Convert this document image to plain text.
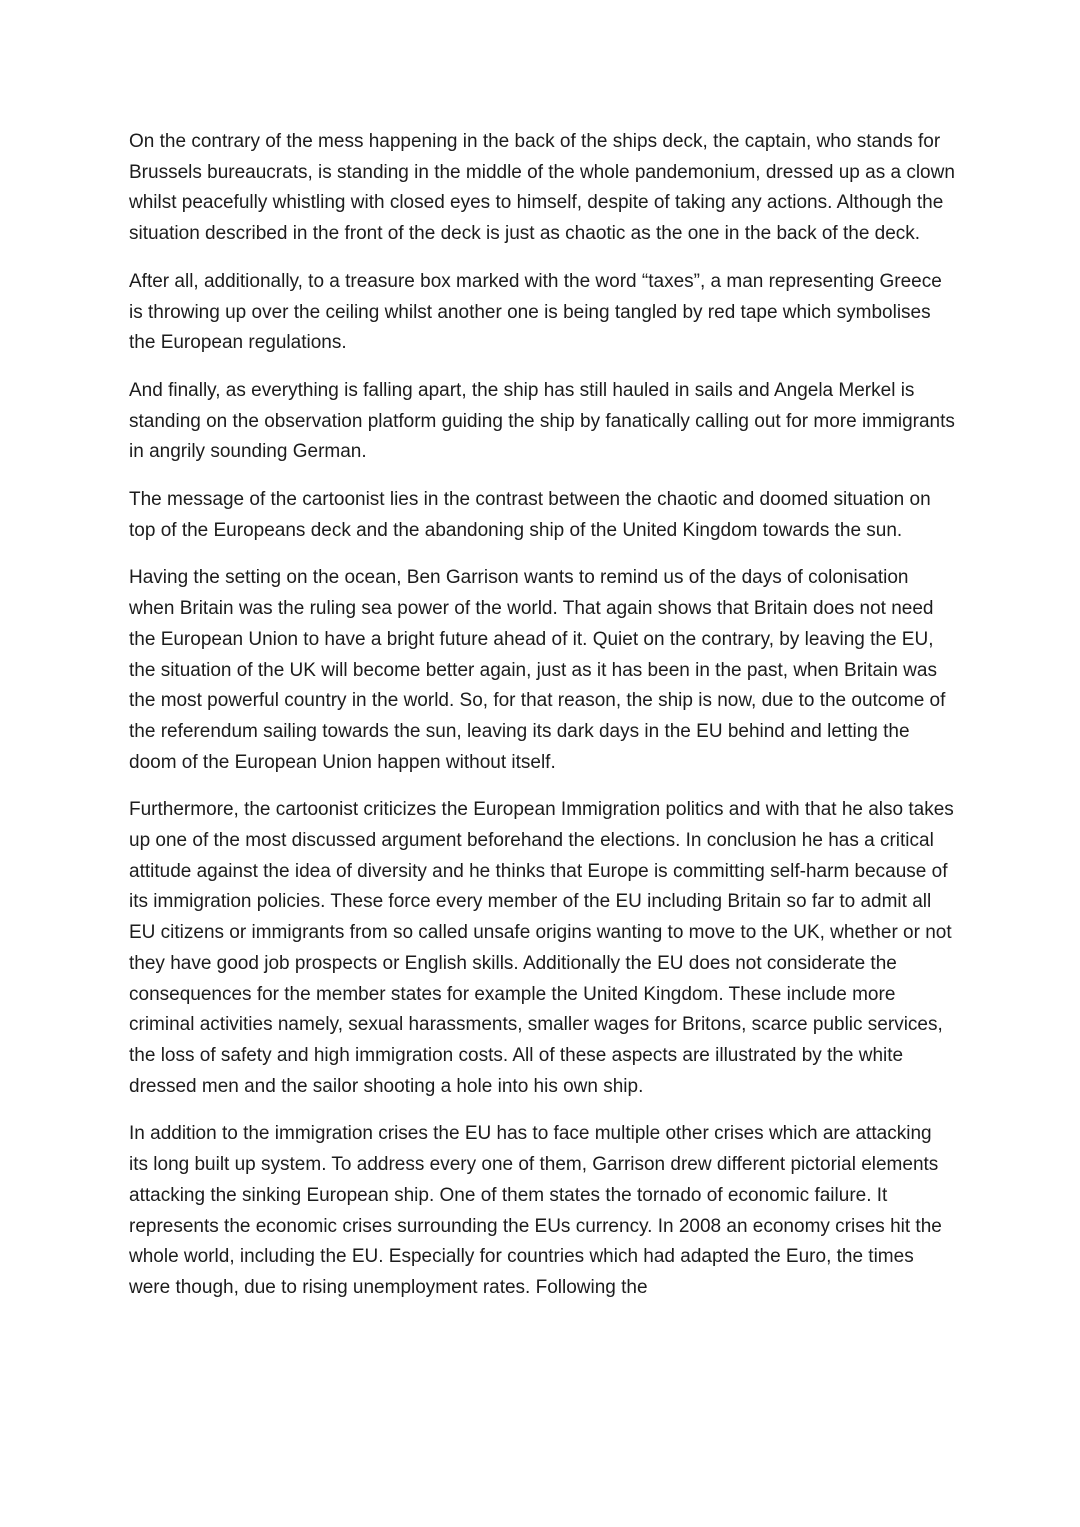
On the contrary of the mess happening in the back of the ships deck, the captain, who stands for Brussels bureaucrats, is standing in the middle of the whole pandemonium, dressed up as a clown whilst peacefully whistling with closed eyes to himself, despite of taking any actions. Although the situation described in the front of the deck is just as chaotic as the one in the back of the deck.

After all, additionally, to a treasure box marked with the word “taxes”, a man representing Greece is throwing up over the ceiling whilst another one is being tangled by red tape which symbolises the European regulations.

And finally, as everything is falling apart, the ship has still hauled in sails and Angela Merkel is standing on the observation platform guiding the ship by fanatically calling out for more immigrants in angrily sounding German.

The message of the cartoonist lies in the contrast between the chaotic and doomed situation on top of the Europeans deck and the abandoning ship of the United Kingdom towards the sun.

Having the setting on the ocean, Ben Garrison wants to remind us of the days of colonisation when Britain was the ruling sea power of the world. That again shows that Britain does not need the European Union to have a bright future ahead of it. Quiet on the contrary, by leaving the EU, the situation of the UK will become better again, just as it has been in the past, when Britain was the most powerful country in the world. So, for that reason, the ship is now, due to the outcome of the referendum sailing towards the sun, leaving its dark days in the EU behind and letting the doom of the European Union happen without itself.

Furthermore, the cartoonist criticizes the European Immigration politics and with that he also takes up one of the most discussed argument beforehand the elections. In conclusion he has a critical attitude against the idea of diversity and he thinks that Europe is committing self-harm because of its immigration policies. These force every member of the EU including Britain so far to admit all EU citizens or immigrants from so called unsafe origins wanting to move to the UK, whether or not they have good job prospects or English skills. Additionally the EU does not considerate the consequences for the member states for example the United Kingdom. These include more criminal activities namely, sexual harassments, smaller wages for Britons, scarce public services, the loss of safety and high immigration costs. All of these aspects are illustrated by the white dressed men and the sailor shooting a hole into his own ship.

In addition to the immigration crises the EU has to face multiple other crises which are attacking its long built up system. To address every one of them, Garrison drew different pictorial elements attacking the sinking European ship. One of them states the tornado of economic failure. It represents the economic crises surrounding the EUs currency. In 2008 an economy crises hit the whole world, including the EU. Especially for countries which had adapted the Euro, the times were though, due to rising unemployment rates. Following the
